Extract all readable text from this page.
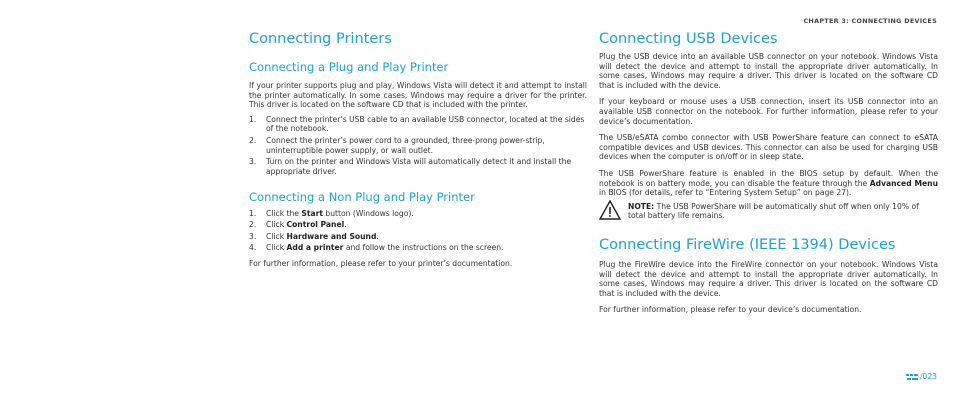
CHAPTER 3: CONNECTING DEVICES
Connecting Printers
Connecting a Plug and Play Printer

If your printer supports plug and play, Windows Vista will detect it and attempt to install the printer automatically. In some cases, Windows may require a driver for the printer. This driver is located on the software CD that is included with the printer.

1. Connect the printer’s USB cable to an available USB connector, located at the sides of the notebook.
2. Connect the printer’s power cord to a grounded, three-prong power-strip, uninterruptible power supply, or wall outlet.
3. Turn on the printer and Windows Vista will automatically detect it and install the appropriate driver.
Connecting a Non Plug and Play Printer
1. Click the Start button (Windows logo).
2. Click Control Panel.
3. Click Hardware and Sound.
4. Click Add a printer and follow the instructions on the screen.

For further information, please refer to your printer’s documentation.

Connecting USB Devices

Plug the USB device into an available USB connector on your notebook. Windows Vista will detect the device and attempt to install the appropriate driver automatically. In some cases, Windows may require a driver. This driver is located on the software CD that is included with the device.

If your keyboard or mouse uses a USB connection, insert its USB connector into an available USB connector on the notebook. For further information, please refer to your device’s documentation.

The USB/eSATA combo connector with USB PowerShare feature can connect to eSATA compatible devices and USB devices. This connector can also be used for charging USB devices when the computer is on/off or in sleep state.

The USB PowerShare feature is enabled in the BIOS setup by default. When the notebook is on battery mode, you can disable the feature through the Advanced Menu in BIOS (for details, refer to “Entering System Setup” on page 27).

NOTE: The USB PowerShare will be automatically shut off when only 10% of total battery life remains.

Connecting FireWire (IEEE 1394) Devices

Plug the FireWire device into the FireWire connector on your notebook. Windows Vista will detect the device and attempt to install the appropriate driver automatically. In some cases, Windows may require a driver. This driver is located on the software CD that is included with the device.

For further information, please refer to your device’s documentation.

/023
